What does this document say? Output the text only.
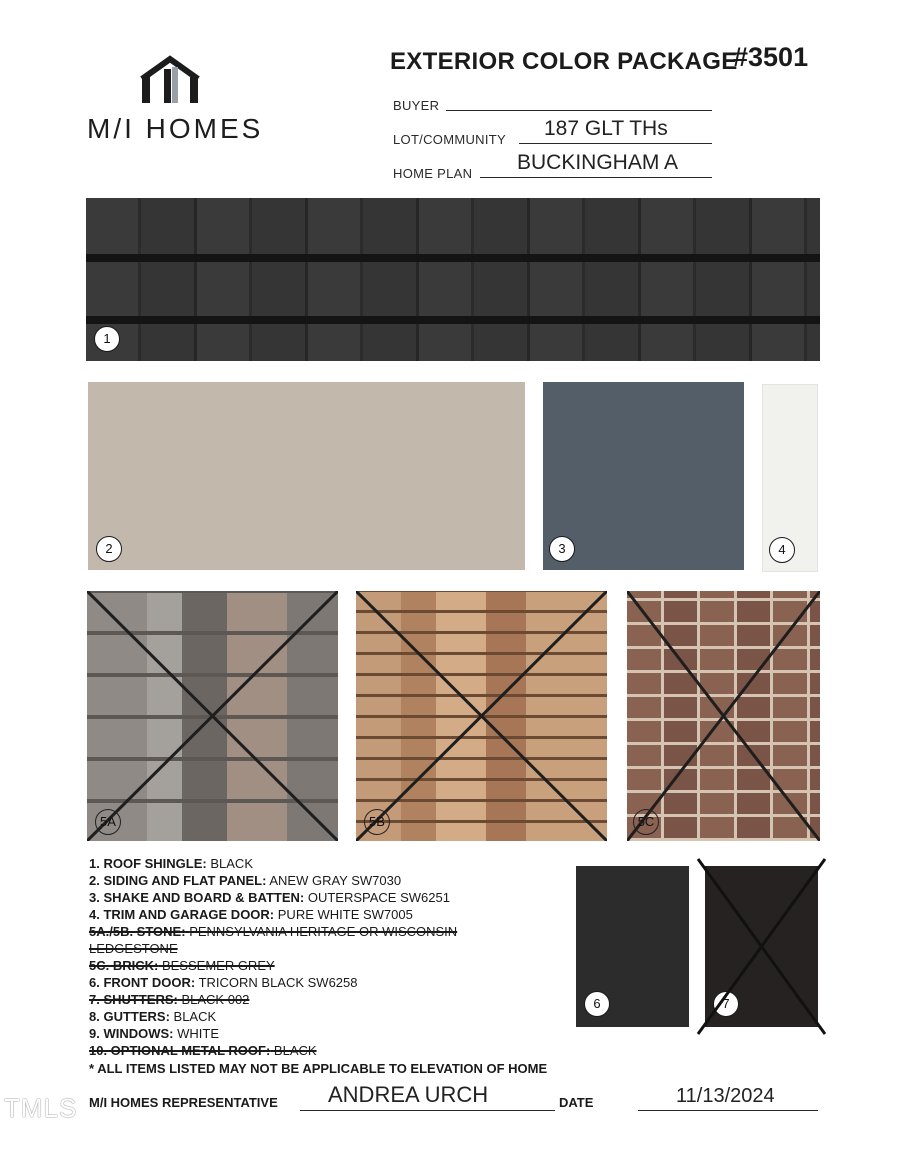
M/I HOMES
EXTERIOR COLOR PACKAGE
#3501
BUYER
LOT/COMMUNITY 187 GLT THs
HOME PLAN BUCKINGHAM A
1
2	3	4
5A	5B	5C
6	7
1. ROOF SHINGLE: BLACK
2. SIDING AND FLAT PANEL: ANEW GRAY SW7030
3. SHAKE AND BOARD & BATTEN: OUTERSPACE SW6251
4. TRIM AND GARAGE DOOR: PURE WHITE SW7005
5A./5B. STONE: PENNSYLVANIA HERITAGE OR WISCONSIN
LEDGESTONE
5C. BRICK: BESSEMER GREY
6. FRONT DOOR: TRICORN BLACK SW6258
7. SHUTTERS: BLACK 002
8. GUTTERS: BLACK
9. WINDOWS: WHITE
10. OPTIONAL METAL ROOF: BLACK
* ALL ITEMS LISTED MAY NOT BE APPLICABLE TO ELEVATION OF HOME
M/I HOMES REPRESENTATIVE ANDREA URCH	DATE	11/13/2024
TMLS
